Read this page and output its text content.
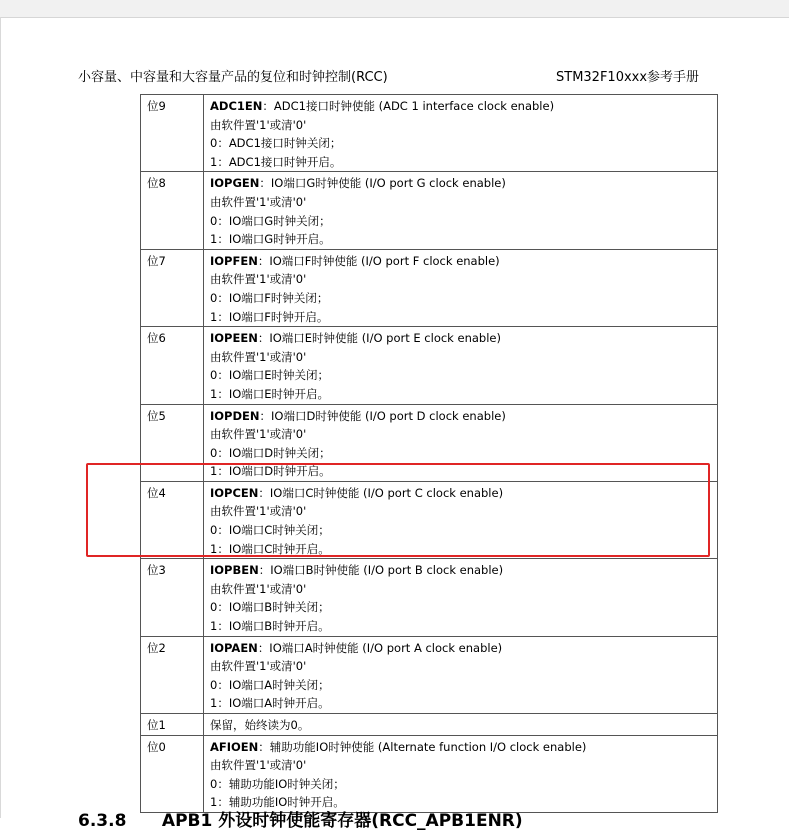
小容量、中容量和大容量产品的复位和时钟控制(RCC)	STM32F10xxx参考手册
位9	ADC1EN：ADC1接口时钟使能 (ADC 1 interface clock enable)
由软件置'1'或清'0'
0：ADC1接口时钟关闭；
1：ADC1接口时钟开启。

位8	IOPGEN：IO端口G时钟使能 (I/O port G clock enable)
由软件置'1'或清'0'
0：IO端口G时钟关闭；
1：IO端口G时钟开启。

位7	IOPFEN：IO端口F时钟使能 (I/O port F clock enable)
由软件置'1'或清'0'
0：IO端口F时钟关闭；
1：IO端口F时钟开启。

位6	IOPEEN：IO端口E时钟使能 (I/O port E clock enable)
由软件置'1'或清'0'
0：IO端口E时钟关闭；
1：IO端口E时钟开启。

位5	IOPDEN：IO端口D时钟使能 (I/O port D clock enable)
由软件置'1'或清'0'
0：IO端口D时钟关闭；
1：IO端口D时钟开启。

位4	IOPCEN：IO端口C时钟使能 (I/O port C clock enable)
由软件置'1'或清'0'
0：IO端口C时钟关闭；
1：IO端口C时钟开启。

位3	IOPBEN：IO端口B时钟使能 (I/O port B clock enable)
由软件置'1'或清'0'
0：IO端口B时钟关闭；
1：IO端口B时钟开启。

位2	IOPAEN：IO端口A时钟使能 (I/O port A clock enable)
由软件置'1'或清'0'
0：IO端口A时钟关闭；
1：IO端口A时钟开启。

位1	保留，始终读为0。

位0	AFIOEN：辅助功能IO时钟使能 (Alternate function I/O clock enable)
由软件置'1'或清'0'
0：辅助功能IO时钟关闭；
1：辅助功能IO时钟开启。
6.3.8 APB1 外设时钟使能寄存器(RCC_APB1ENR)
